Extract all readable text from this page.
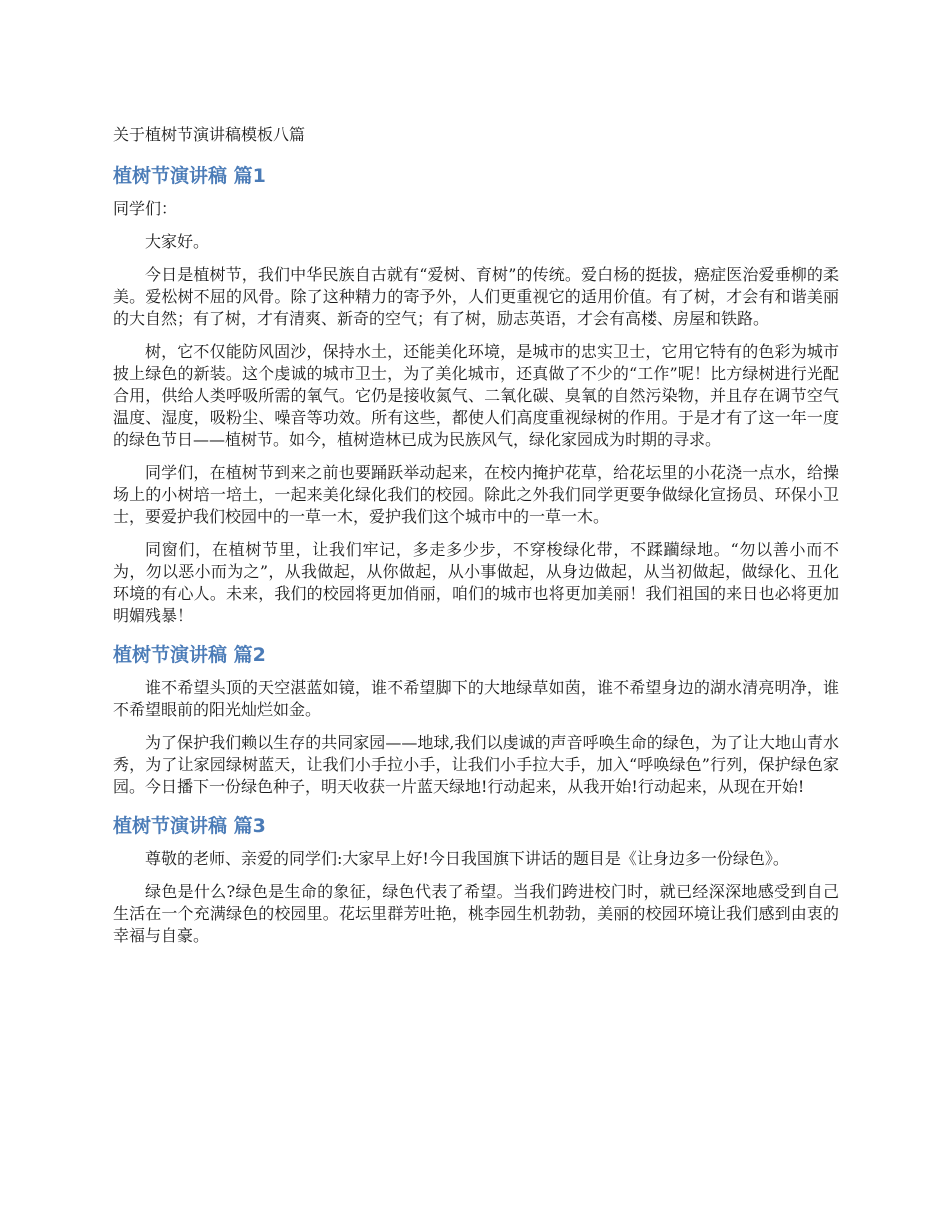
关于植树节演讲稿模板八篇
植树节演讲稿 篇1

同学们：

大家好。

今日是植树节，我们中华民族自古就有“爱树、育树”的传统。爱白杨的挺拔，癌症医治爱垂柳的柔美。爱松树不屈的风骨。除了这种精力的寄予外，人们更重视它的适用价值。有了树，才会有和谐美丽的大自然；有了树，才有清爽、新奇的空气；有了树，励志英语，才会有高楼、房屋和铁路。

树，它不仅能防风固沙，保持水土，还能美化环境，是城市的忠实卫士，它用它特有的色彩为城市披上绿色的新装。这个虔诚的城市卫士，为了美化城市，还真做了不少的“工作”呢！比方绿树进行光配合用，供给人类呼吸所需的氧气。它仍是接收氮气、二氧化碳、臭氧的自然污染物，并且存在调节空气温度、湿度，吸粉尘、噪音等功效。所有这些，都使人们高度重视绿树的作用。于是才有了这一年一度的绿色节日——植树节。如今，植树造林已成为民族风气，绿化家园成为时期的寻求。

同学们，在植树节到来之前也要踊跃举动起来，在校内掩护花草，给花坛里的小花浇一点水，给操场上的小树培一培土，一起来美化绿化我们的校园。除此之外我们同学更要争做绿化宣扬员、环保小卫士，要爱护我们校园中的一草一木，爱护我们这个城市中的一草一木。

同窗们，在植树节里，让我们牢记，多走多少步，不穿梭绿化带，不蹂躏绿地。“勿以善小而不为，勿以恶小而为之”，从我做起，从你做起，从小事做起，从身边做起，从当初做起，做绿化、丑化环境的有心人。未来，我们的校园将更加俏丽，咱们的城市也将更加美丽！我们祖国的来日也必将更加明媚残暴！

植树节演讲稿 篇2

谁不希望头顶的天空湛蓝如镜，谁不希望脚下的大地绿草如茵，谁不希望身边的湖水清亮明净，谁不希望眼前的阳光灿烂如金。

为了保护我们赖以生存的共同家园——地球,我们以虔诚的声音呼唤生命的绿色，为了让大地山青水秀，为了让家园绿树蓝天，让我们小手拉小手，让我们小手拉大手，加入“呼唤绿色”行列，保护绿色家园。今日播下一份绿色种子，明天收获一片蓝天绿地!行动起来，从我开始!行动起来，从现在开始!

植树节演讲稿 篇3

尊敬的老师、亲爱的同学们:大家早上好!今日我国旗下讲话的题目是《让身边多一份绿色》。

绿色是什么?绿色是生命的象征，绿色代表了希望。当我们跨进校门时，就已经深深地感受到自己生活在一个充满绿色的校园里。花坛里群芳吐艳，桃李园生机勃勃，美丽的校园环境让我们感到由衷的幸福与自豪。
